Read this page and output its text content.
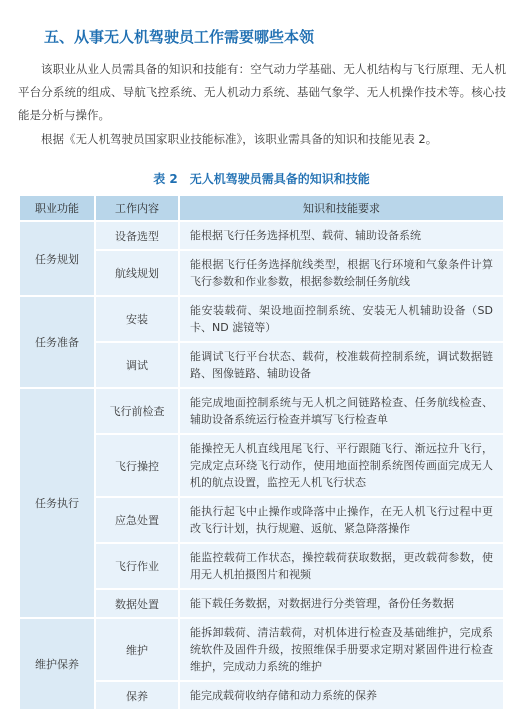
五、从事无人机驾驶员工作需要哪些本领

该职业从业人员需具备的知识和技能有：空气动力学基础、无人机结构与飞行原理、无人机平台分系统的组成、导航飞控系统、无人机动力系统、基础气象学、无人机操作技术等。核心技能是分析与操作。

根据《无人机驾驶员国家职业技能标准》，该职业需具备的知识和技能见表 2。

表 2　无人机驾驶员需具备的知识和技能
职业功能	工作内容	知识和技能要求
任务规划	设备选型	能根据飞行任务选择机型、载荷、辅助设备系统
	航线规划	能根据飞行任务选择航线类型，根据飞行环境和气象条件计算飞行参数和作业参数，根据参数绘制任务航线
任务准备	安装	能安装载荷、架设地面控制系统、安装无人机辅助设备（SD 卡、ND 滤镜等）
	调试	能调试飞行平台状态、载荷，校准载荷控制系统，调试数据链路、图像链路、辅助设备
任务执行	飞行前检查	能完成地面控制系统与无人机之间链路检查、任务航线检查、辅助设备系统运行检查并填写飞行检查单
	飞行操控	能操控无人机直线甩尾飞行、平行跟随飞行、渐远拉升飞行，完成定点环绕飞行动作，使用地面控制系统图传画面完成无人机的航点设置，监控无人机飞行状态
	应急处置	能执行起飞中止操作或降落中止操作，在无人机飞行过程中更改飞行计划，执行规避、返航、紧急降落操作
	飞行作业	能监控载荷工作状态，操控载荷获取数据，更改载荷参数，使用无人机拍摄图片和视频
	数据处置	能下载任务数据，对数据进行分类管理，备份任务数据
维护保养	维护	能拆卸载荷、清洁载荷，对机体进行检查及基础维护，完成系统软件及固件升级，按照维保手册要求定期对紧固件进行检查维护，完成动力系统的维护
	保养	能完成载荷收纳存储和动力系统的保养
